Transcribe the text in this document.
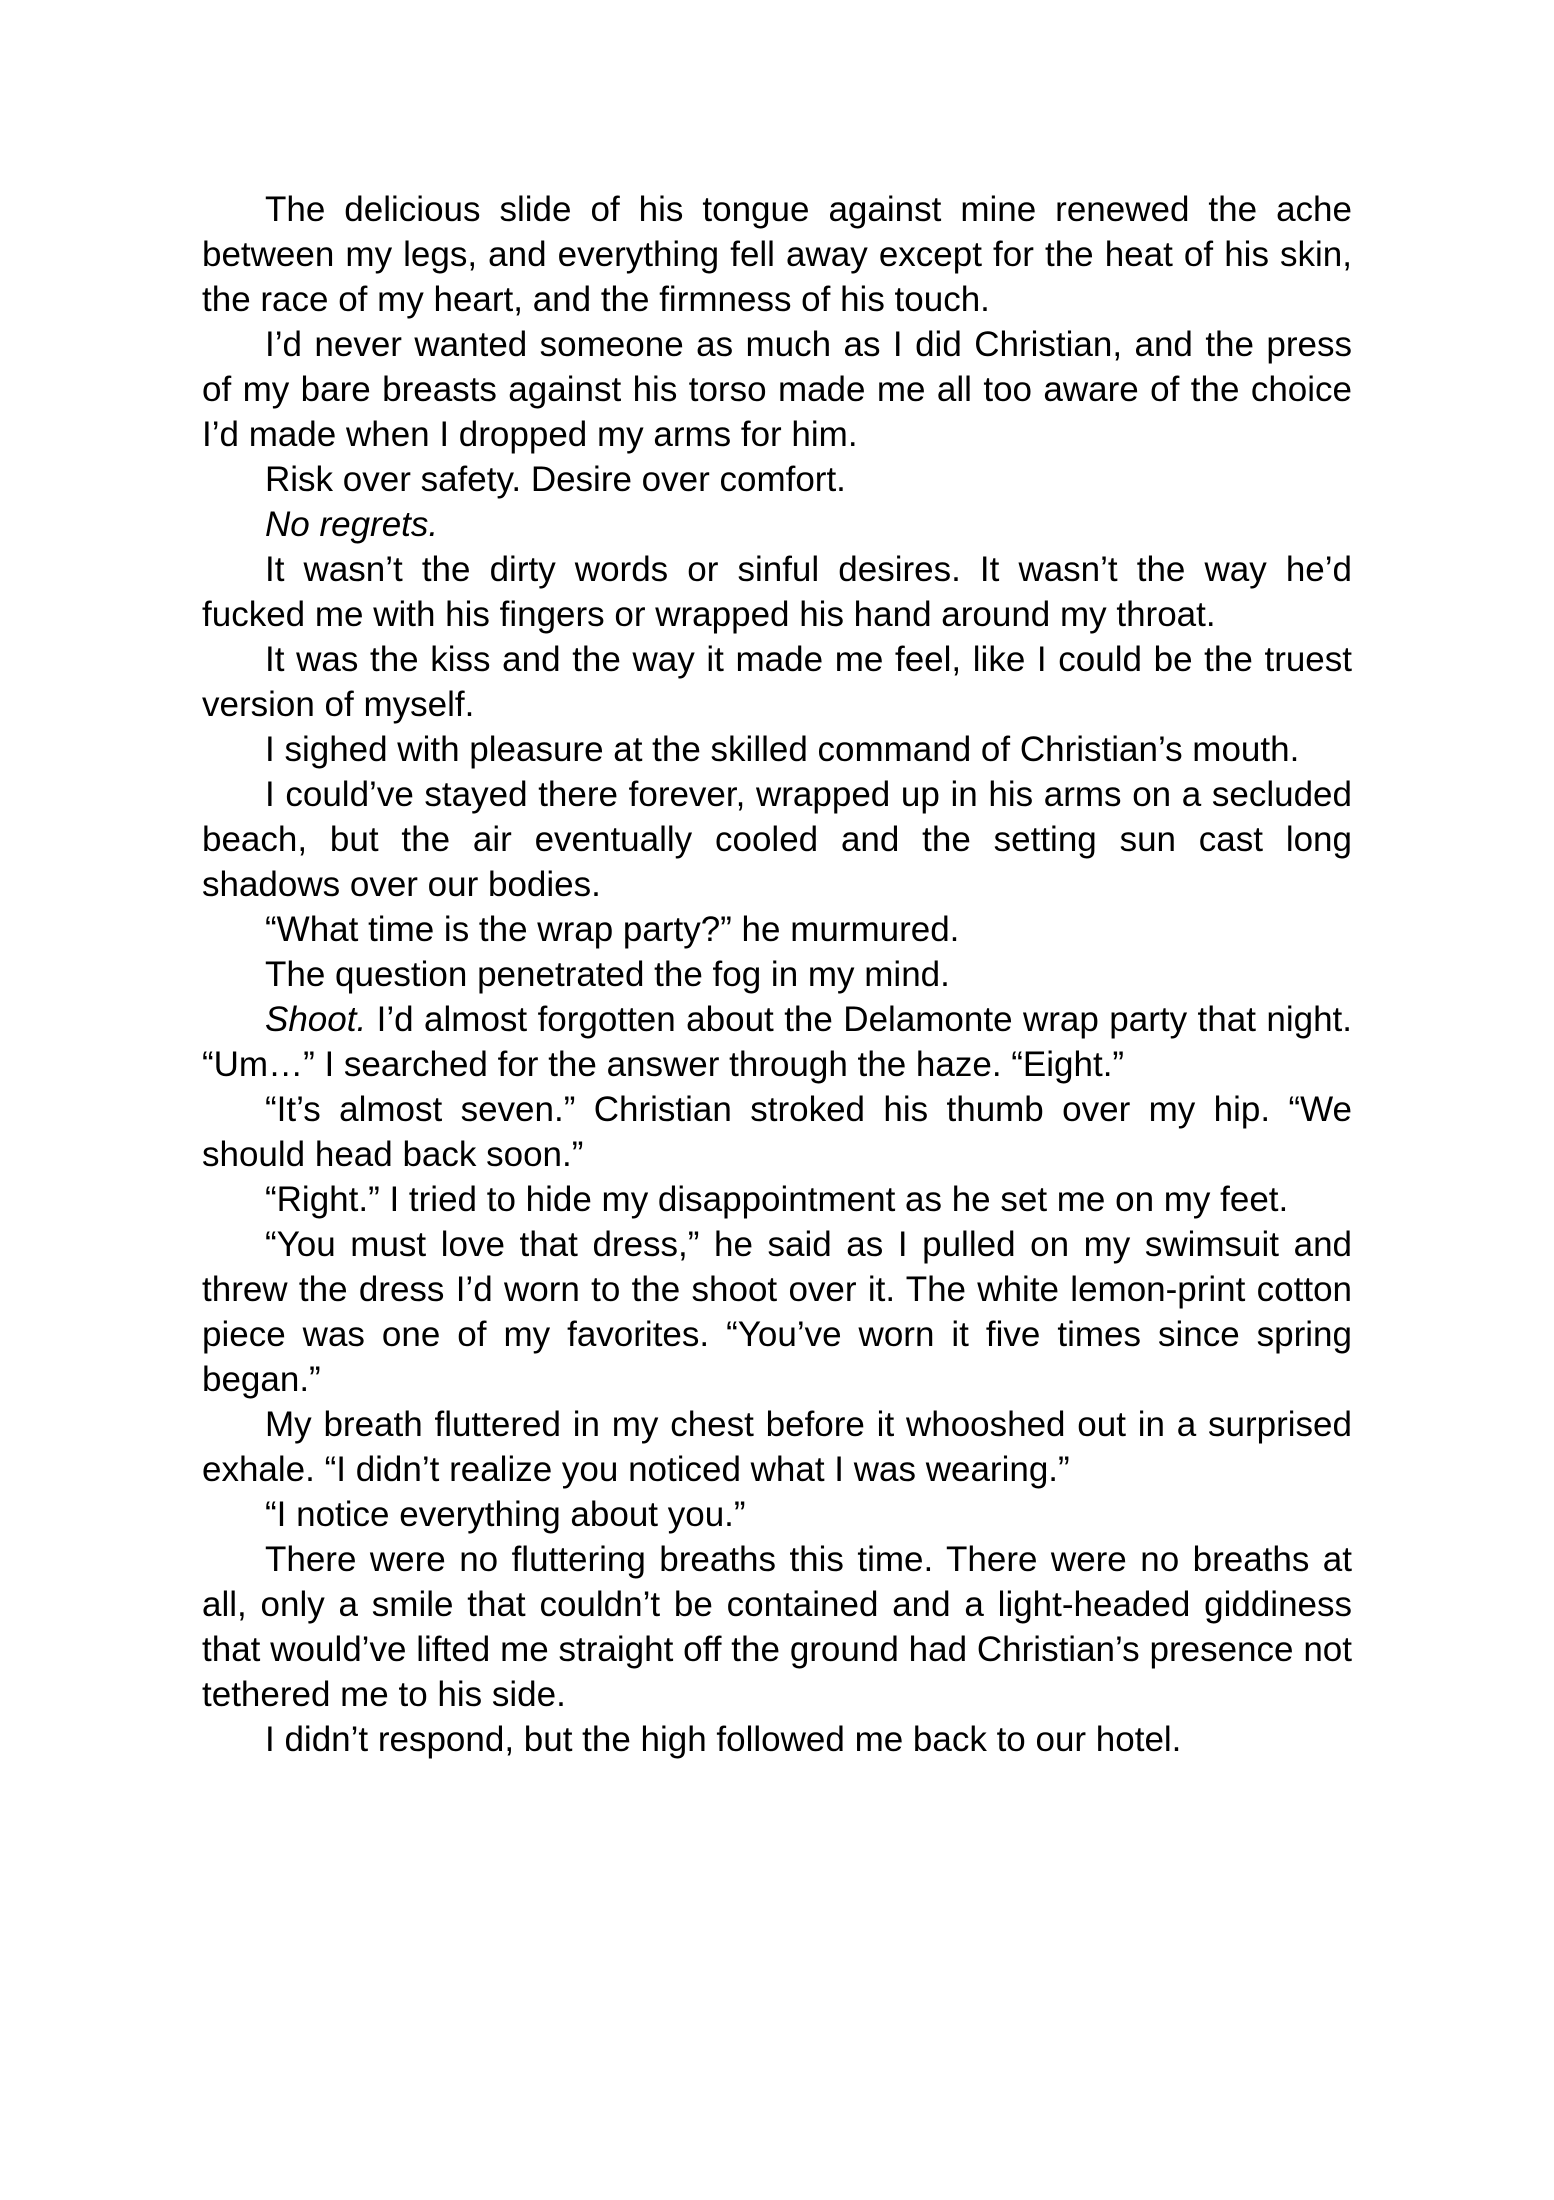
The delicious slide of his tongue against mine renewed the ache between my legs, and everything fell away except for the heat of his skin, the race of my heart, and the firmness of his touch.

I’d never wanted someone as much as I did Christian, and the press of my bare breasts against his torso made me all too aware of the choice I’d made when I dropped my arms for him.

Risk over safety. Desire over comfort.

No regrets.

It wasn’t the dirty words or sinful desires. It wasn’t the way he’d fucked me with his fingers or wrapped his hand around my throat.

It was the kiss and the way it made me feel, like I could be the truest version of myself.

I sighed with pleasure at the skilled command of Christian’s mouth.

I could’ve stayed there forever, wrapped up in his arms on a secluded beach, but the air eventually cooled and the setting sun cast long shadows over our bodies.

“What time is the wrap party?” he murmured.

The question penetrated the fog in my mind.

Shoot. I’d almost forgotten about the Delamonte wrap party that night. “Um…” I searched for the answer through the haze. “Eight.”

“It’s almost seven.” Christian stroked his thumb over my hip. “We should head back soon.”

“Right.” I tried to hide my disappointment as he set me on my feet.

“You must love that dress,” he said as I pulled on my swimsuit and threw the dress I’d worn to the shoot over it. The white lemon-print cotton piece was one of my favorites. “You’ve worn it five times since spring began.”

My breath fluttered in my chest before it whooshed out in a surprised exhale. “I didn’t realize you noticed what I was wearing.”

“I notice everything about you.”

There were no fluttering breaths this time. There were no breaths at all, only a smile that couldn’t be contained and a light-headed giddiness that would’ve lifted me straight off the ground had Christian’s presence not tethered me to his side.

I didn’t respond, but the high followed me back to our hotel.
